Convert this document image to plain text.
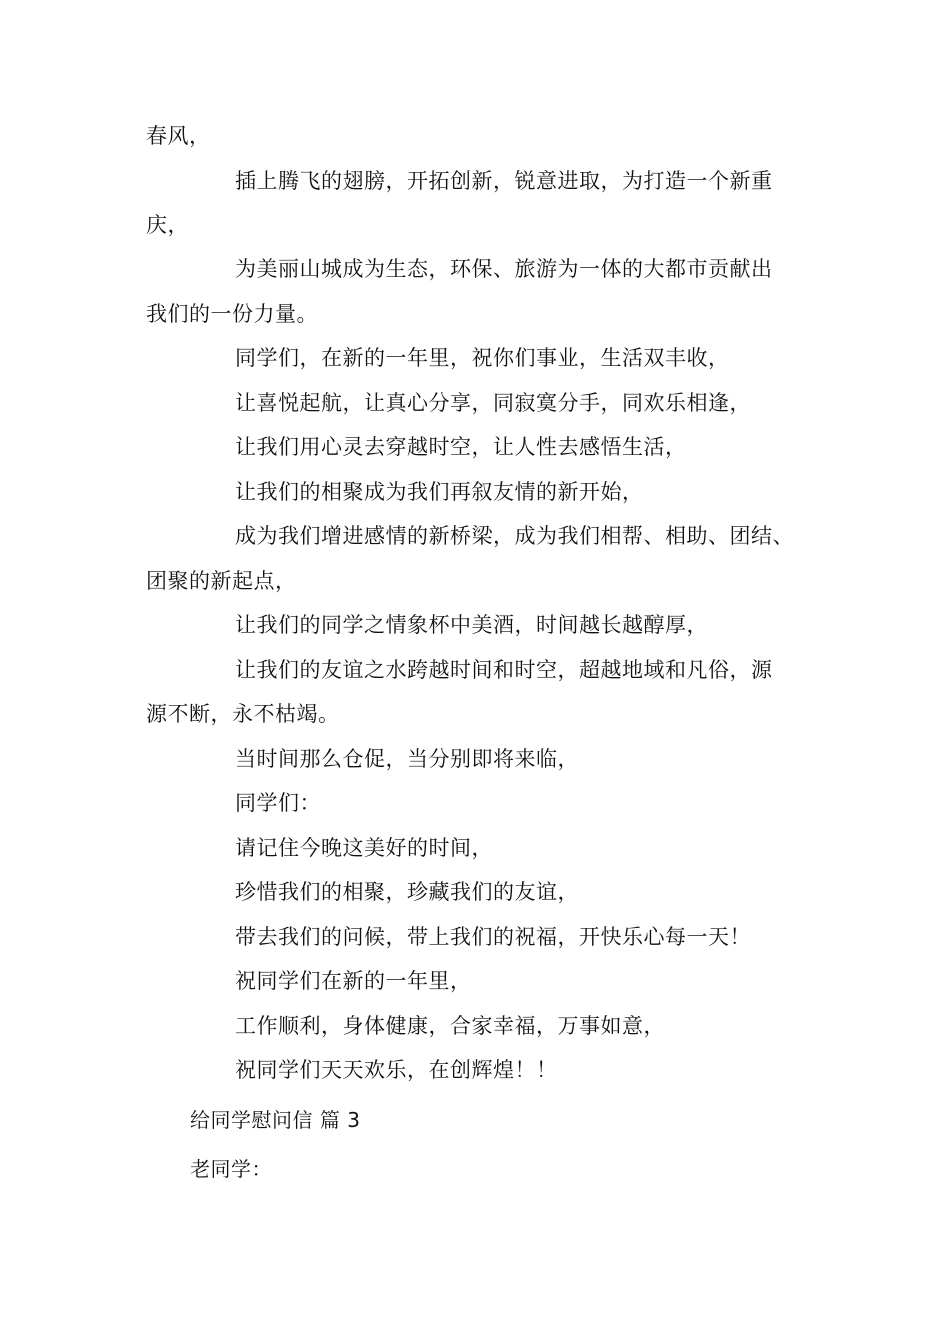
春风，
插上腾飞的翅膀，开拓创新，锐意进取，为打造一个新重
庆，
为美丽山城成为生态，环保、旅游为一体的大都市贡献出
我们的一份力量。
同学们，在新的一年里，祝你们事业，生活双丰收，
让喜悦起航，让真心分享，同寂寞分手，同欢乐相逢，
让我们用心灵去穿越时空，让人性去感悟生活，
让我们的相聚成为我们再叙友情的新开始，
成为我们增进感情的新桥梁，成为我们相帮、相助、团结、
团聚的新起点，
让我们的同学之情象杯中美酒，时间越长越醇厚，
让我们的友谊之水跨越时间和时空，超越地域和凡俗，源
源不断，永不枯竭。
当时间那么仓促，当分别即将来临，
同学们：
请记住今晚这美好的时间，
珍惜我们的相聚，珍藏我们的友谊，
带去我们的问候，带上我们的祝福，开快乐心每一天！
祝同学们在新的一年里，
工作顺利，身体健康，合家幸福，万事如意，
祝同学们天天欢乐，在创辉煌！！
给同学慰问信 篇 3
老同学：
